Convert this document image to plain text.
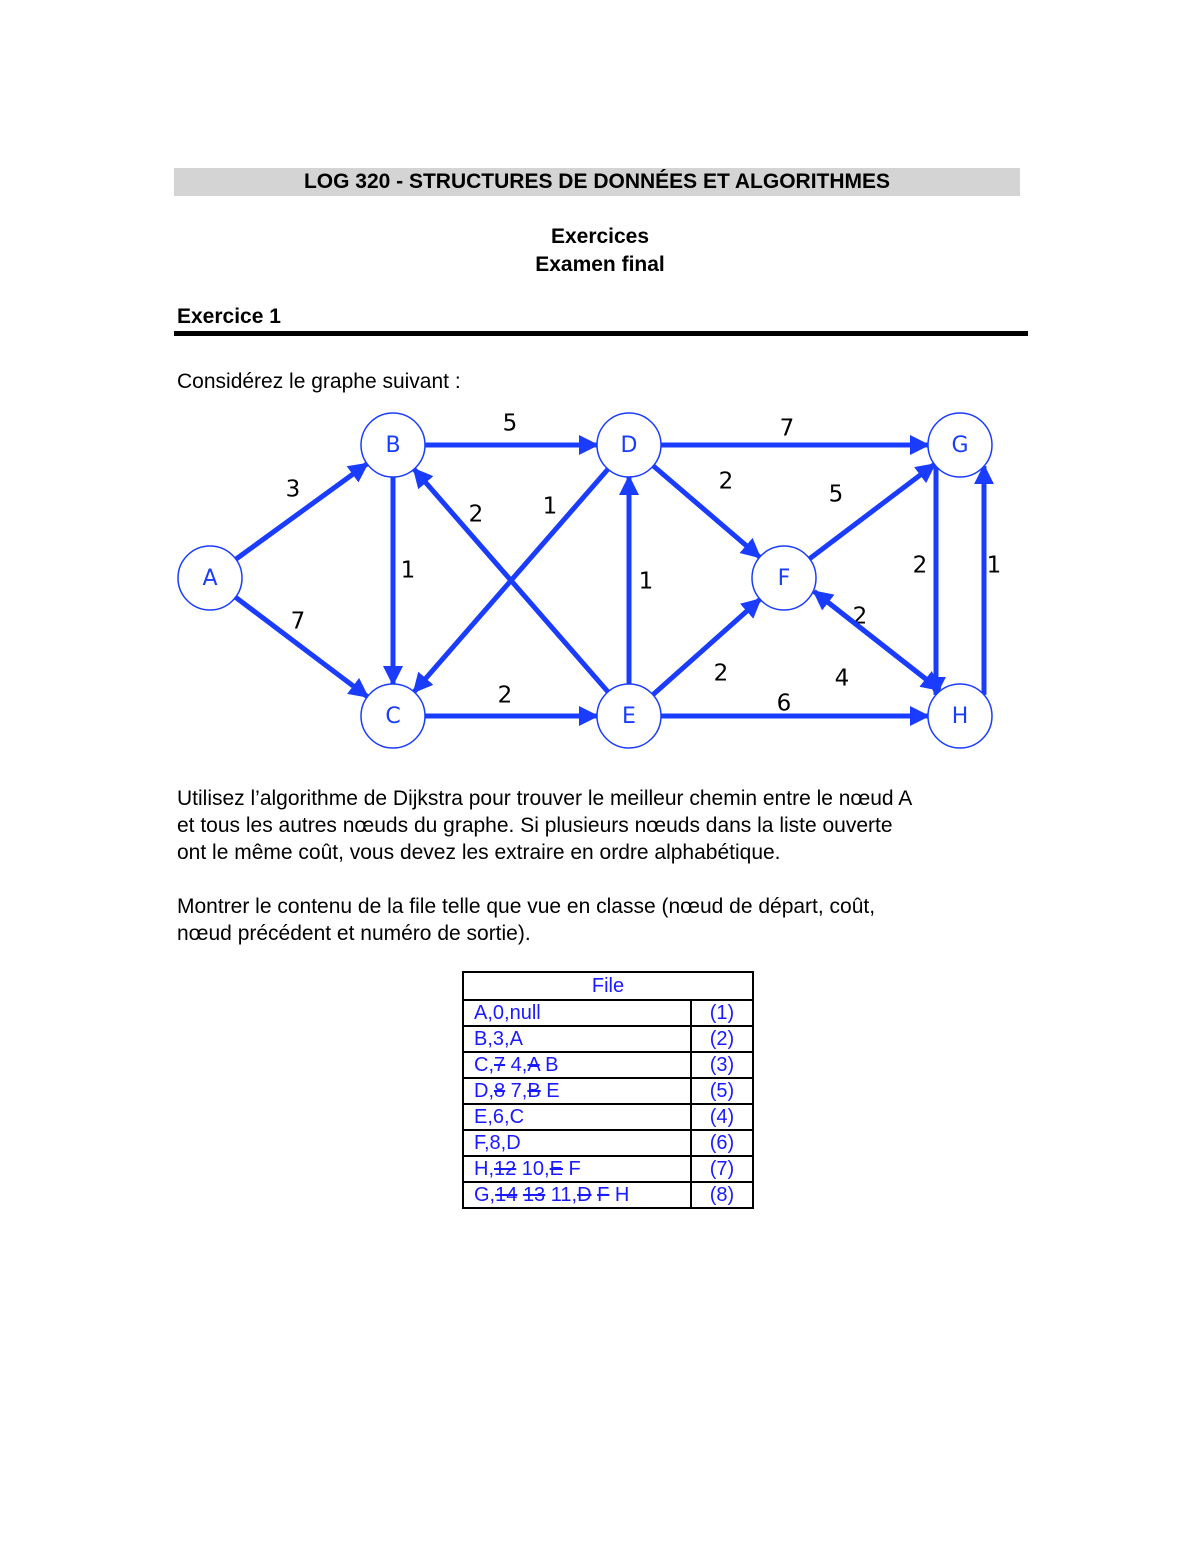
LOG 320 - STRUCTURES DE DONNÉES ET ALGORITHMES
Exercices
Examen final
Exercice 1
Considérez le graphe suivant :
3
7
1
5
2	1
2
1
7
2	5
2
6
2
4
2	1
A
B
C
D
E
F
G
H
Utilisez l’algorithme de Dijkstra pour trouver le meilleur chemin entre le nœud A
et tous les autres nœuds du graphe. Si plusieurs nœuds dans la liste ouverte
ont le même coût, vous devez les extraire en ordre alphabétique.
Montrer le contenu de la file telle que vue en classe (nœud de départ, coût,
nœud précédent et numéro de sortie).
File	
A,0,null	(1)
B,3,A	(2)
C,7 4,A B	(3)
D,8 7,B E	(5)
E,6,C	(4)
F,8,D	(6)
H,12 10,E F	(7)
G,14 13 11,D F H	(8)
